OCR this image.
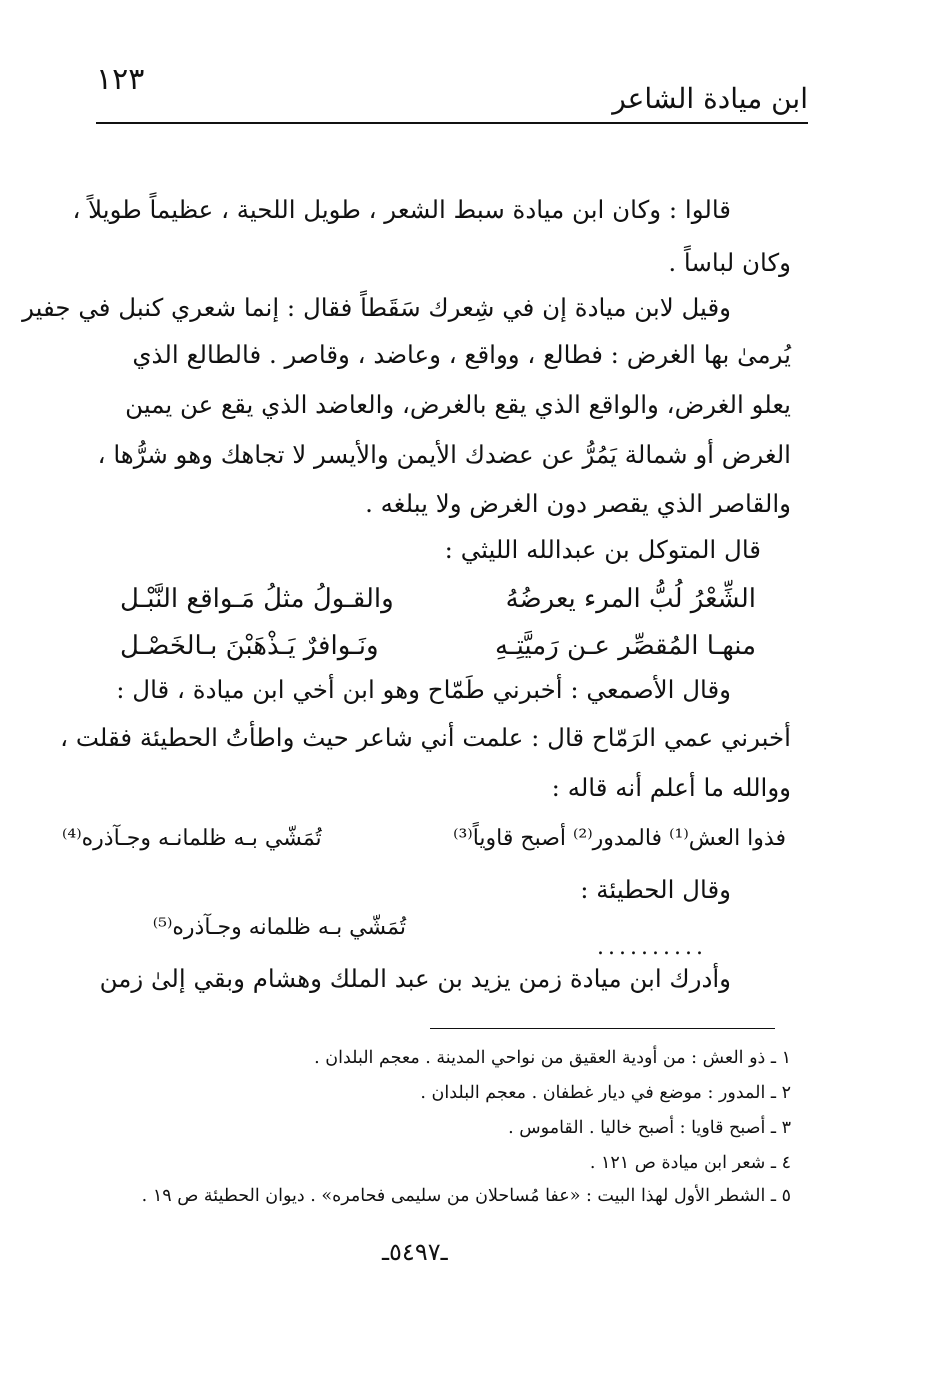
ابن ميادة الشاعر
١٢٣
قالوا : وكان ابن ميادة سبط الشعر ، طويل اللحية ، عظيماً طويلاً ،
وكان لباساً .
وقيل لابن ميادة إن في شِعرك سَقَطاً فقال : إنما شعري كنبل في جفير
يُرمىٰ بها الغرض : فطالع ، وواقع ، وعاضد ، وقاصر . فالطالع الذي
يعلو الغرض، والواقع الذي يقع بالغرض، والعاضد الذي يقع عن يمين
الغرض أو شمالة يَمُرُّ عن عضدك الأيمن والأيسر لا تجاهك وهو شرُّها ،
والقاصر الذي يقصر دون الغرض ولا يبلغه .
قال المتوكل بن عبدالله الليثي :
الشِّعْرُ لُبُّ المرء يعرضُهُ
والقـولُ مثلُ مَـواقع النَّبْـل
منهـا المُقصِّر عـن رَميَّتِـهِ
ونَـوافرٌ يَـذْهَبْنَ بـالخَصْـل
وقال الأصمعي : أخبرني طَمّاح وهو ابن أخي ابن ميادة ، قال :
أخبرني عمي الرَمّاح قال : علمت أني شاعر حيث واطأتُ الحطيئة فقلت ،
ووالله ما أعلم أنه قاله :
فذوا العش⁽¹⁾ فالمدور⁽²⁾ أصبح قاوياً⁽³⁾
تُمَشّي بـه ظلمانـه وجـآذره⁽⁴⁾
وقال الحطيئة :
..........
تُمَشّي بـه ظلمانه وجـآذره⁽⁵⁾
وأدرك ابن ميادة زمن يزيد بن عبد الملك وهشام وبقي إلىٰ زمن
١ ـ ذو العش : من أودية العقيق من نواحي المدينة . معجم البلدان .
٢ ـ المدور : موضع في ديار غطفان . معجم البلدان .
٣ ـ أصبح قاويا : أصبح خاليا . القاموس .
٤ ـ شعر ابن ميادة ص ١٢١ .
٥ ـ الشطر الأول لهذا البيت : «عفا مُساحلان من سليمى فحامره» . ديوان الحطيئة ص ١٩ .
ـ٥٤٩٧ـ
